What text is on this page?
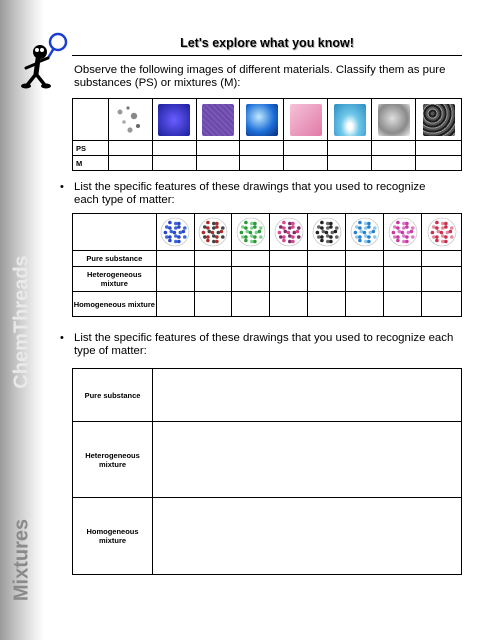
ChemThreads
Mixtures
Let's explore what you know!
Observe the following images of different materials. Classify them as pure
substances (PS) or mixtures (M):

PS								
M								
• List the specific features of these drawings that you used to recognize
each type of matter:

Pure substance								
Heterogeneous mixture								
Homogeneous mixture								
• List the specific features of these drawings that you used to recognize each
type of matter:
Pure substance	
Heterogeneous mixture	
Homogeneous mixture	
